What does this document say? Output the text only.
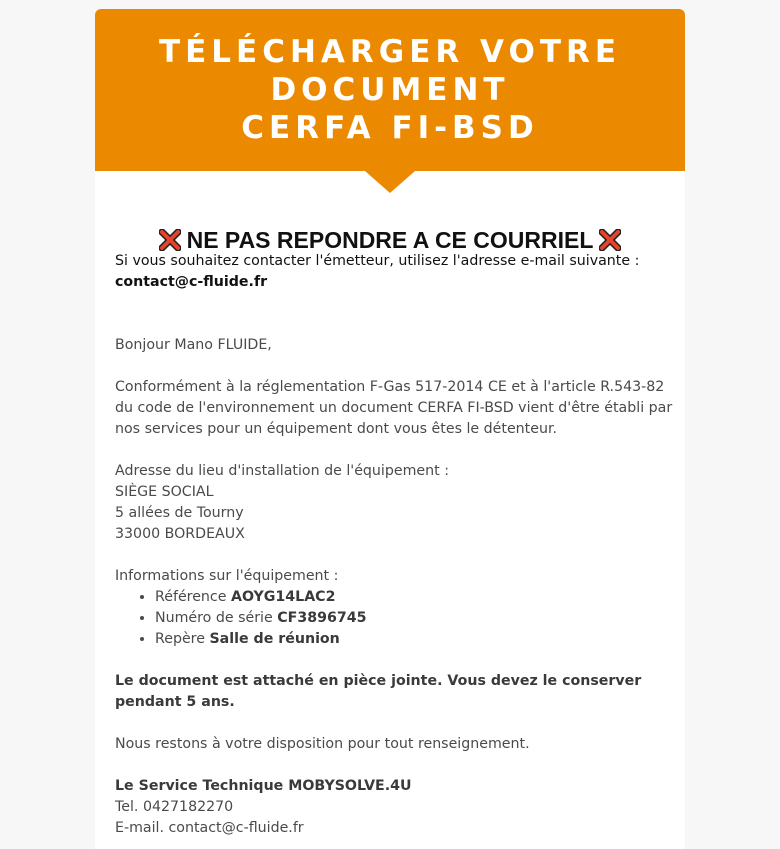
TÉLÉCHARGER VOTRE
DOCUMENT
CERFA FI-BSD
NE PAS REPONDRE A CE COURRIEL

Si vous souhaitez contacter l'émetteur, utilisez l'adresse e-mail suivante :

contact@c-fluide.fr

Bonjour Mano FLUIDE,

Conformément à la réglementation F-Gas 517-2014 CE et à l'article R.543-82 du code de l'environnement un document CERFA FI-BSD vient d'être établi par nos services pour un équipement dont vous êtes le détenteur.

Adresse du lieu d'installation de l'équipement :

SIÈGE SOCIAL

5 allées de Tourny

33000 BORDEAUX

Informations sur l'équipement :

• Référence AOYG14LAC2
• Numéro de série CF3896745
• Repère Salle de réunion

Le document est attaché en pièce jointe. Vous devez le conserver pendant 5 ans.

Nous restons à votre disposition pour tout renseignement.

Le Service Technique MOBYSOLVE.4U

Tel. 0427182270

E-mail. contact@c-fluide.fr
